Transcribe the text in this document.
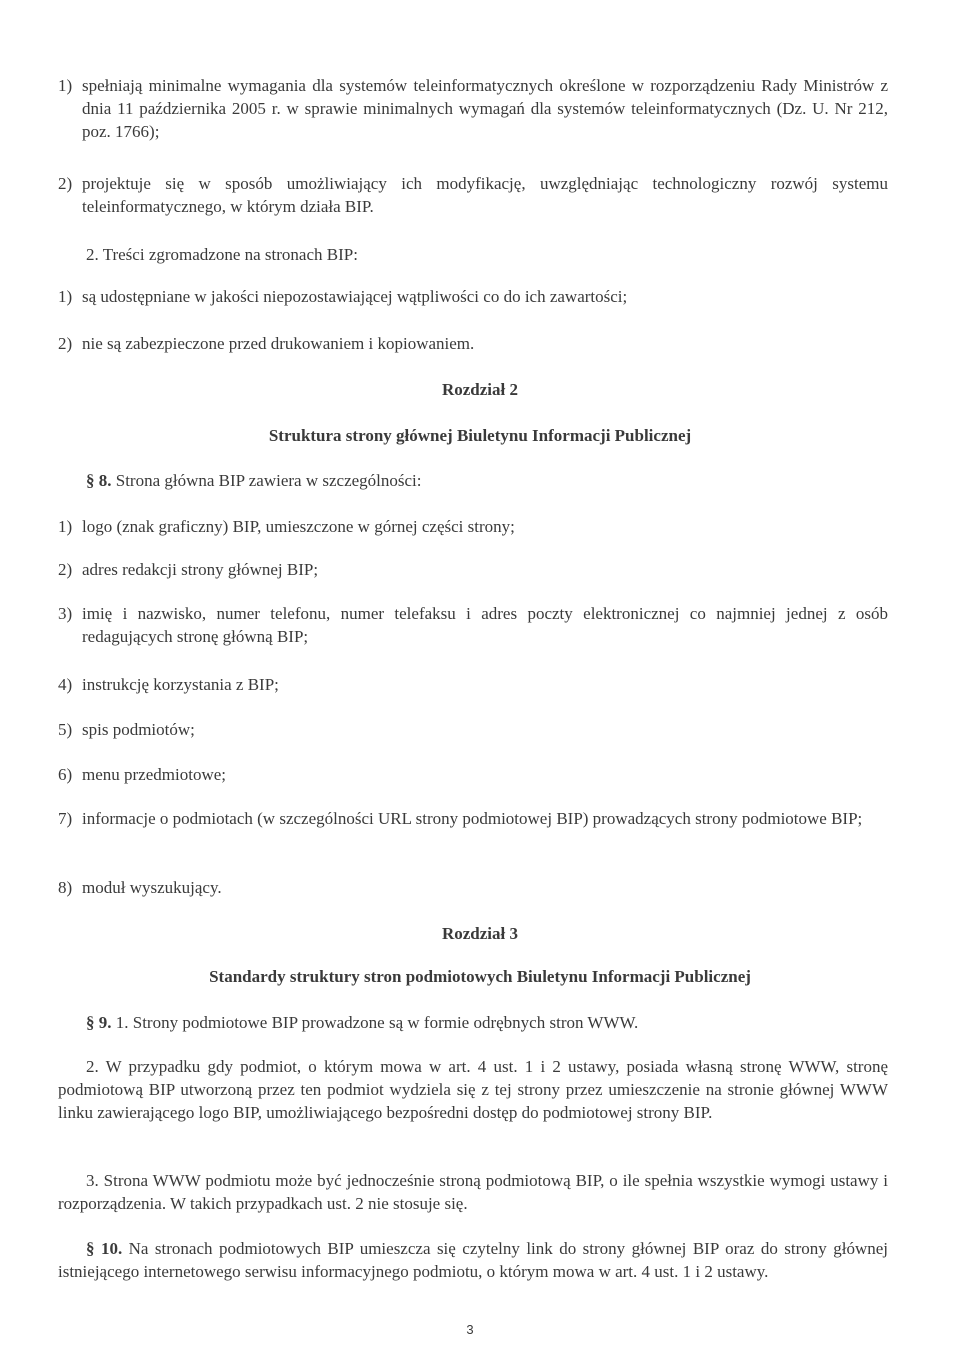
1) spełniają minimalne wymagania dla systemów teleinformatycznych określone w rozporządzeniu Rady Ministrów z dnia 11 października 2005 r. w sprawie minimalnych wymagań dla systemów teleinformatycznych (Dz. U. Nr 212, poz. 1766);
2) projektuje się w sposób umożliwiający ich modyfikację, uwzględniając technologiczny rozwój systemu teleinformatycznego, w którym działa BIP.
2. Treści zgromadzone na stronach BIP:
1) są udostępniane w jakości niepozostawiającej wątpliwości co do ich zawartości;
2) nie są zabezpieczone przed drukowaniem i kopiowaniem.
Rozdział 2
Struktura strony głównej Biuletynu Informacji Publicznej
§ 8. Strona główna BIP zawiera w szczególności:
1) logo (znak graficzny) BIP, umieszczone w górnej części strony;
2) adres redakcji strony głównej BIP;
3) imię i nazwisko, numer telefonu, numer telefaksu i adres poczty elektronicznej co najmniej jednej z osób redagujących stronę główną BIP;
4) instrukcję korzystania z BIP;
5) spis podmiotów;
6) menu przedmiotowe;
7) informacje o podmiotach (w szczególności URL strony podmiotowej BIP) prowadzących strony podmiotowe BIP;
8) moduł wyszukujący.
Rozdział 3
Standardy struktury stron podmiotowych Biuletynu Informacji Publicznej
§ 9. 1. Strony podmiotowe BIP prowadzone są w formie odrębnych stron WWW.
2. W przypadku gdy podmiot, o którym mowa w art. 4 ust. 1 i 2 ustawy, posiada własną stronę WWW, stronę podmiotową BIP utworzoną przez ten podmiot wydziela się z tej strony przez umieszczenie na stronie głównej WWW linku zawierającego logo BIP, umożliwiającego bezpośredni dostęp do podmiotowej strony BIP.
3. Strona WWW podmiotu może być jednocześnie stroną podmiotową BIP, o ile spełnia wszystkie wymogi ustawy i rozporządzenia. W takich przypadkach ust. 2 nie stosuje się.
§ 10. Na stronach podmiotowych BIP umieszcza się czytelny link do strony głównej BIP oraz do strony głównej istniejącego internetowego serwisu informacyjnego podmiotu, o którym mowa w art. 4 ust. 1 i 2 ustawy.
3
